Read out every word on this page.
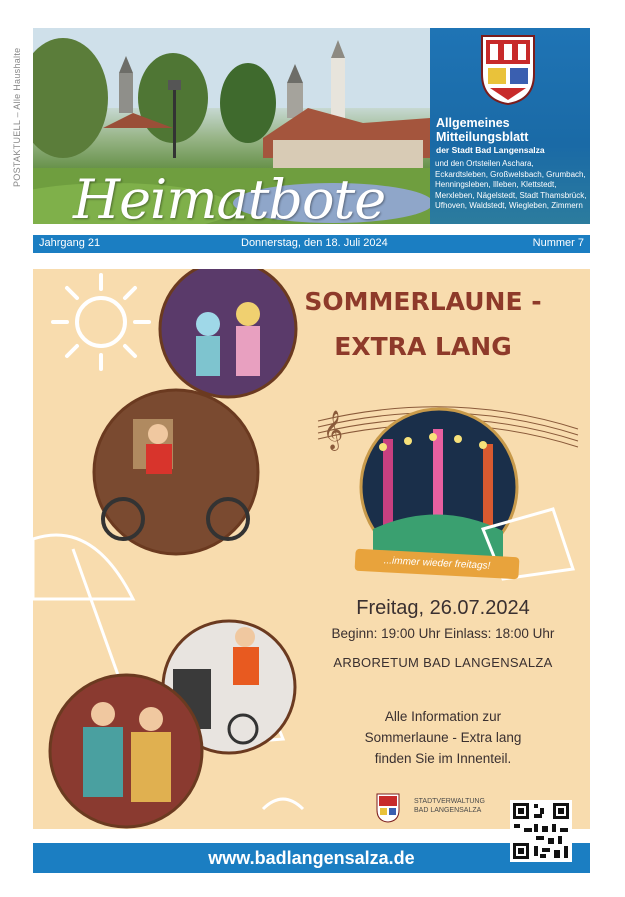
POSTAKTUELL – Alle Haushalte
Heimatbote
Allgemeines Mitteilungsblatt
der Stadt Bad Langensalza
und den Ortsteilen Aschara, Eckardtsleben, Großwelsbach, Grumbach, Henningsleben, Illeben, Klettstedt, Merxleben, Nägelstedt, Stadt Thamsbrück, Ufhoven, Waldstedt, Wiegleben, Zimmern
Jahrgang 21	Donnerstag, den 18. Juli 2024	Nummer 7
𝄞
SOMMERLAUNE -
EXTRA LANG
...immer wieder freitags!
Freitag, 26.07.2024
Beginn: 19:00 Uhr Einlass: 18:00 Uhr
ARBORETUM BAD LANGENSALZA
Alle Information zur
Sommerlaune - Extra lang
finden Sie im Innenteil.
STADTVERWALTUNG
BAD LANGENSALZA
www.badlangensalza.de
